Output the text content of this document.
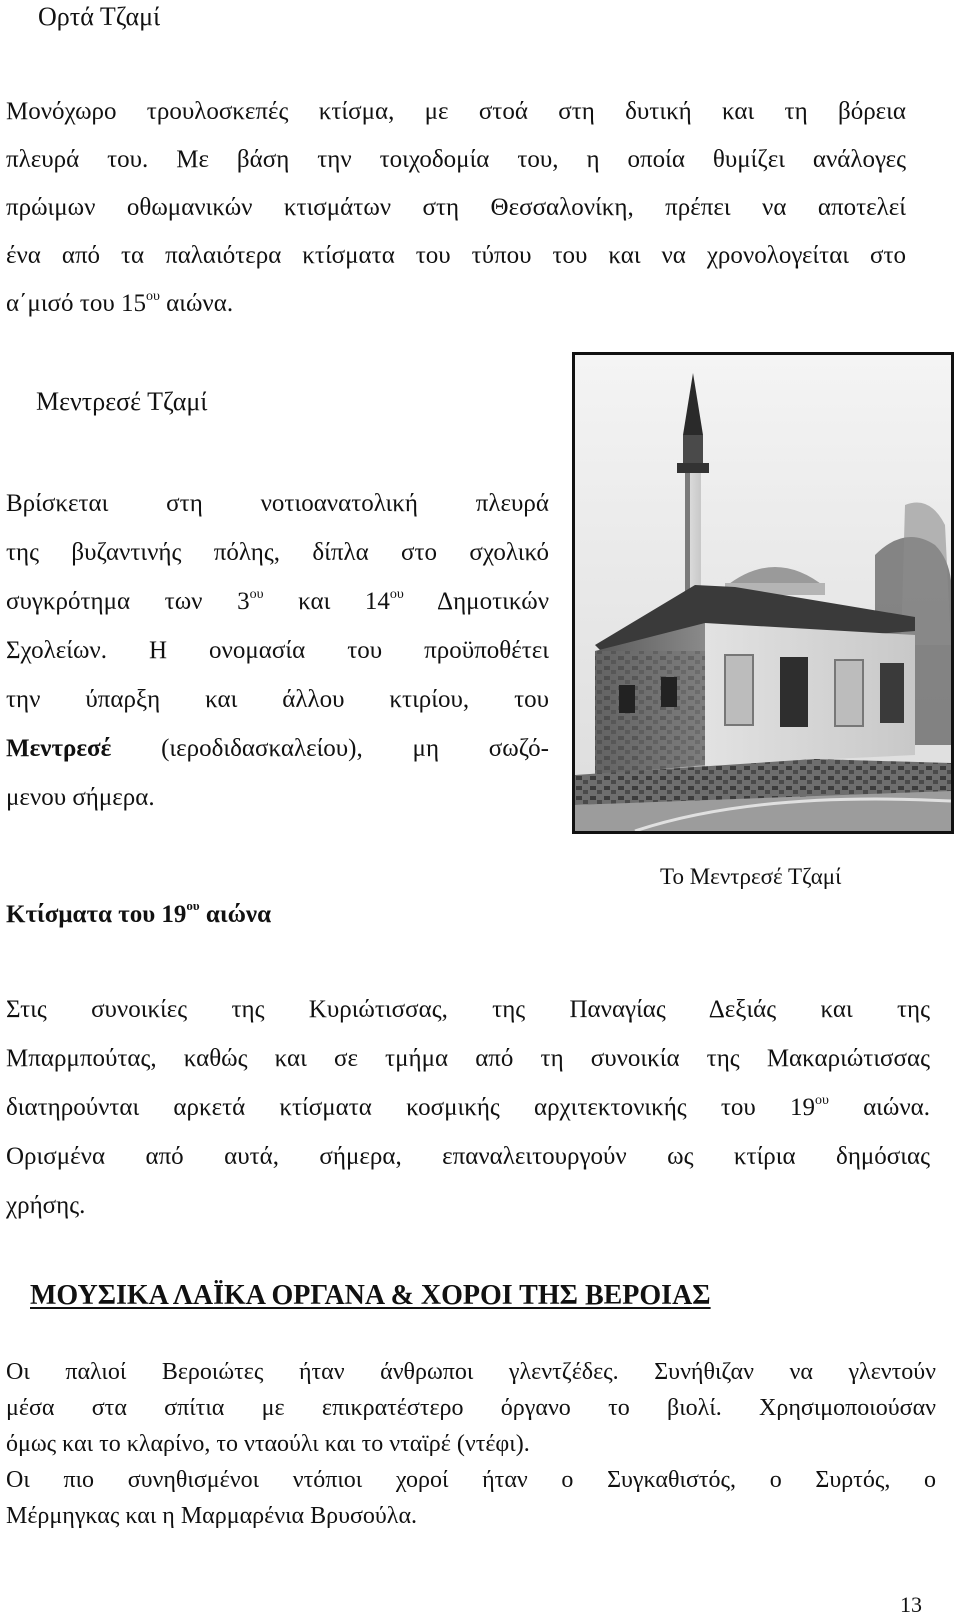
Ορτά Τζαμί
Μονόχωρο τρουλοσκεπές κτίσμα, με στοά στη δυτική και τη βόρεια
πλευρά του. Με βάση την τοιχοδομία του, η οποία θυμίζει ανάλογες
πρώιμων οθωμανικών κτισμάτων στη Θεσσαλονίκη, πρέπει να αποτελεί
ένα από τα παλαιότερα κτίσματα του τύπου του και να χρονολογείται στο
α΄μισό του $15^{o\upsilon}$ αιώνα.
Μεντρεσέ Τζαμί
Βρίσκεται στη νοτιοανατολική πλευρά
της βυζαντινής πόλης, δίπλα στο σχολικό
συγκρότημα των $3^{o\upsilon}$ και $14^{o\upsilon}$ Δημοτικών
Σχολείων. Η ονομασία του προϋποθέτει
την ύπαρξη και άλλου κτιρίου, του
Μεντρεσέ (ιεροδιδασκαλείου), μη σωζό-
μενου σήμερα.
Το Μεντρεσέ Τζαμί
Κτίσματα του $19^{o\upsilon}$ αιώνα
Στις συνοικίες της Κυριώτισσας, της Παναγίας Δεξιάς και της
Μπαρμπούτας, καθώς και σε τμήμα από τη συνοικία της Μακαριώτισσας
διατηρούνται αρκετά κτίσματα κοσμικής αρχιτεκτονικής του $19^{o\upsilon}$ αιώνα.
Ορισμένα από αυτά, σήμερα, επαναλειτουργούν ως κτίρια δημόσιας
χρήσης.
ΜΟΥΣΙΚΑ ΛΑΪΚΑ ΟΡΓΑΝΑ & ΧΟΡΟΙ ΤΗΣ ΒΕΡΟΙΑΣ
Οι παλιοί Βεροιώτες ήταν άνθρωποι γλεντζέδες. Συνήθιζαν να γλεντούν
μέσα στα σπίτια με επικρατέστερο όργανο το βιολί. Χρησιμοποιούσαν
όμως και το κλαρίνο, το νταούλι και το νταϊρέ (ντέφι).
Οι πιο συνηθισμένοι ντόπιοι χοροί ήταν ο Συγκαθιστός, ο Συρτός, ο
Μέρμηγκας και η Μαρμαρένια Βρυσούλα.
13
